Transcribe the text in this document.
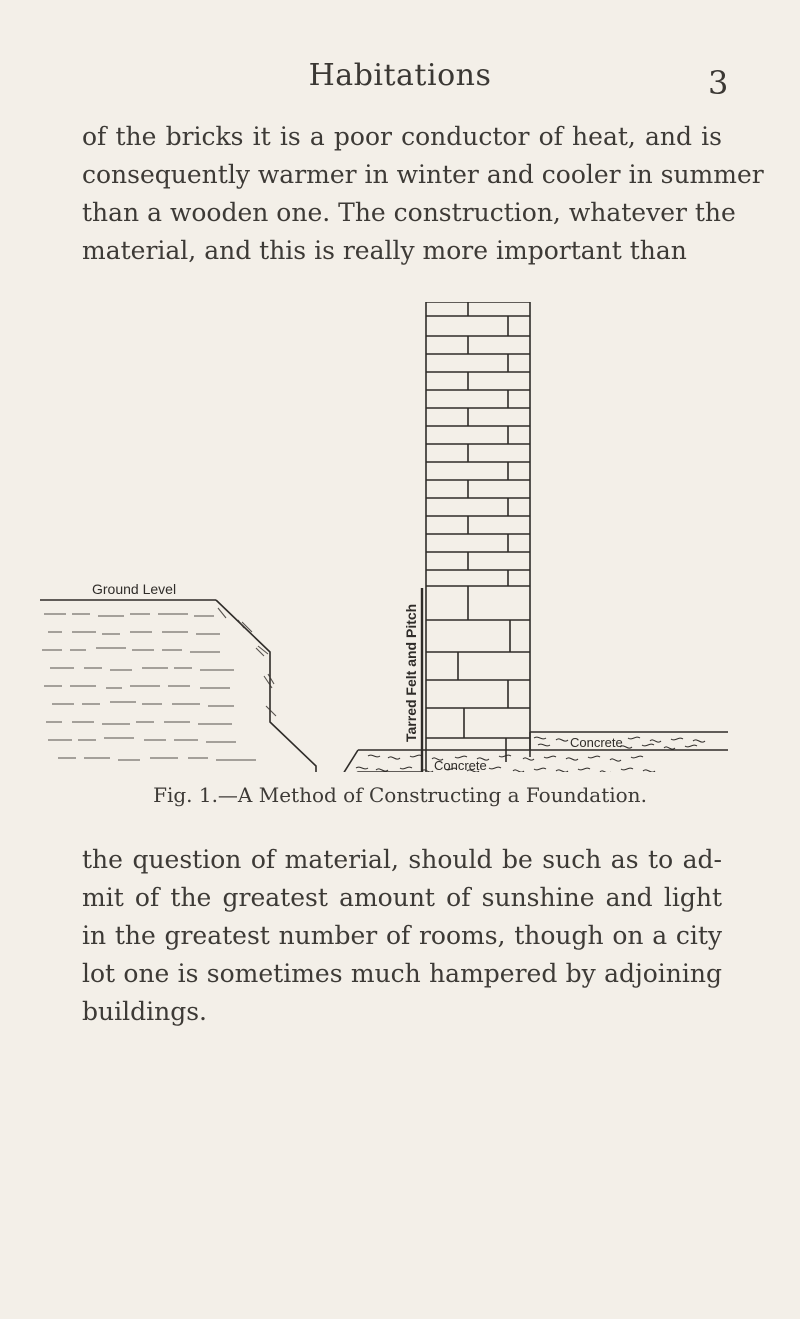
Habitations	3
of the bricks it is a poor conductor of heat, and is
consequently warmer in winter and cooler in summer
than a wooden one. The construction, whatever the
material, and this is really more important than
Ground Level
Tarred Felt and Pitch
Concrete
Concrete
Fig. 1.—A Method of Constructing a Foundation.
the question of material, should be such as to ad-
mit of the greatest amount of sunshine and light
in the greatest number of rooms, though on a city
lot one is sometimes much hampered by adjoining
buildings.
